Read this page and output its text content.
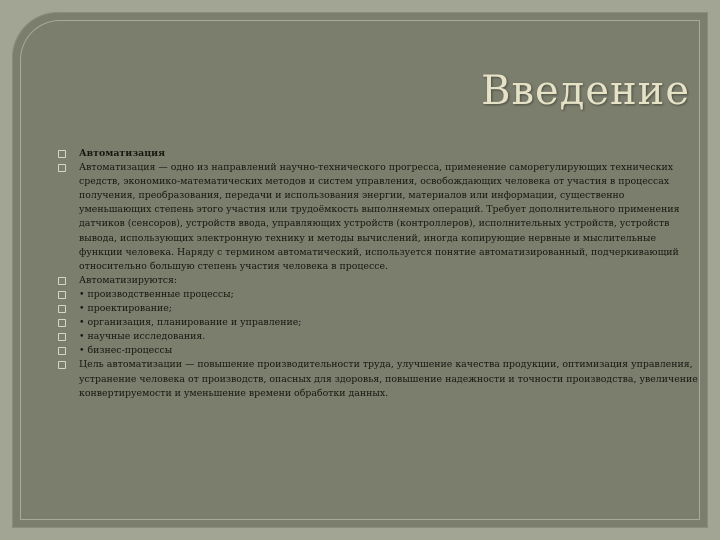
Введение
Автоматизация
Автоматизация — одно из направлений научно-технического прогресса, применение саморегулирующих технических средств, экономико-математических методов и систем управления, освобождающих человека от участия в процессах получения, преобразования, передачи и использования энергии, материалов или информации, существенно уменьшающих степень этого участия или трудоёмкость выполняемых операций. Требует дополнительного применения датчиков (сенсоров), устройств ввода, управляющих устройств (контроллеров), исполнительных устройств, устройств вывода, использующих электронную технику и методы вычислений, иногда копирующие нервные и мыслительные функции человека. Наряду с термином автоматический, используется понятие автоматизированный, подчеркивающий относительно большую степень участия человека в процессе.
Автоматизируются:
• производственные процессы;
• проектирование;
• организация, планирование и управление;
• научные исследования.
• бизнес-процессы
Цель автоматизации — повышение производительности труда, улучшение качества продукции, оптимизация управления, устранение человека от производств, опасных для здоровья, повышение надежности и точности производства, увеличение конвертируемости и уменьшение времени обработки данных.
